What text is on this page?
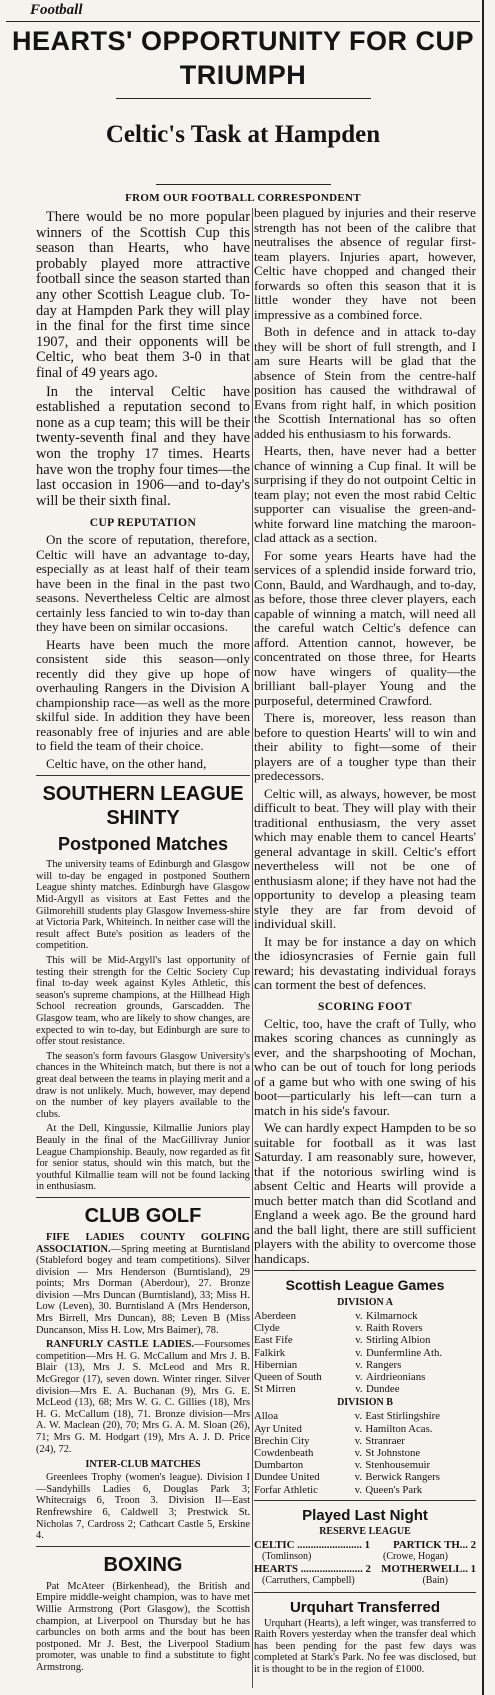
Football
HEARTS' OPPORTUNITY FOR CUP TRIUMPH
Celtic's Task at Hampden
FROM OUR FOOTBALL CORRESPONDENT

There would be no more popular winners of the Scottish Cup this season than Hearts, who have probably played more attractive football since the season started than any other Scottish League club. To-day at Hampden Park they will play in the final for the first time since 1907, and their opponents will be Celtic, who beat them 3-0 in that final of 49 years ago.

In the interval Celtic have established a reputation second to none as a cup team; this will be their twenty-seventh final and they have won the trophy 17 times. Hearts have won the trophy four times—the last occasion in 1906—and to-day's will be their sixth final.

CUP REPUTATION

On the score of reputation, therefore, Celtic will have an advantage to-day, especially as at least half of their team have been in the final in the past two seasons. Nevertheless Celtic are almost certainly less fancied to win to-day than they have been on similar occasions.

Hearts have been much the more consistent side this season—only recently did they give up hope of overhauling Rangers in the Division A championship race—as well as the more skilful side. In addition they have been reasonably free of injuries and are able to field the team of their choice.

Celtic have, on the other hand,

SOUTHERN LEAGUE SHINTY
Postponed Matches

The university teams of Edinburgh and Glasgow will to-day be engaged in postponed Southern League shinty matches. Edinburgh have Glasgow Mid-Argyll as visitors at East Fettes and the Gilmorehill students play Glasgow Inverness-shire at Victoria Park, Whiteinch. In neither case will the result affect Bute's position as leaders of the competition.

This will be Mid-Argyll's last opportunity of testing their strength for the Celtic Society Cup final to-day week against Kyles Athletic, this season's supreme champions, at the Hillhead High School recreation grounds, Garscadden. The Glasgow team, who are likely to show changes, are expected to win to-day, but Edinburgh are sure to offer stout resistance.

The season's form favours Glasgow University's chances in the Whiteinch match, but there is not a great deal between the teams in playing merit and a draw is not unlikely. Much, however, may depend on the number of key players available to the clubs.

At the Dell, Kingussie, Kilmallie Juniors play Beauly in the final of the MacGillivray Junior League Championship. Beauly, now regarded as fit for senior status, should win this match, but the youthful Kilmallie team will not be found lacking in enthusiasm.

CLUB GOLF

FIFE LADIES COUNTY GOLFING ASSOCIATION.—Spring meeting at Burntisland (Stableford bogey and team competitions). Silver division — Mrs Henderson (Burntisland), 29 points; Mrs Dorman (Aberdour), 27. Bronze division —Mrs Duncan (Burntisland), 33; Miss H. Low (Leven), 30. Burntisland A (Mrs Henderson, Mrs Birrell, Mrs Duncan), 88; Leven B (Miss Duncanson, Miss H. Low, Mrs Baimer), 78.

RANFURLY CASTLE LADIES.—Foursomes competition—Mrs H. G. McCallum and Mrs J. B. Blair (13), Mrs J. S. McLeod and Mrs R. McGregor (17), seven down. Winter ringer. Silver division—Mrs E. A. Buchanan (9), Mrs G. E. McLeod (13), 68; Mrs W. G. C. Gillies (18), Mrs H. G. McCallum (18), 71. Bronze division—Mrs A. W. Maclean (20), 70; Mrs G. A. M. Sloan (26), 71; Mrs G. M. Hodgart (19), Mrs A. J. D. Price (24), 72.

INTER-CLUB MATCHES

Greenlees Trophy (women's league). Division I—Sandyhills Ladies 6, Douglas Park 3; Whitecraigs 6, Troon 3. Division II—East Renfrewshire 6, Caldwell 3; Prestwick St. Nicholas 7, Cardross 2; Cathcart Castle 5, Erskine 4.

BOXING

Pat McAteer (Birkenhead), the British and Empire middle-weight champion, was to have met Willie Armstrong (Port Glasgow), the Scottish champion, at Liverpool on Thursday but he has carbuncles on both arms and the bout has been postponed. Mr J. Best, the Liverpool Stadium promoter, was unable to find a substitute to fight Armstrong.

been plagued by injuries and their reserve strength has not been of the calibre that neutralises the absence of regular first-team players. Injuries apart, however, Celtic have chopped and changed their forwards so often this season that it is little wonder they have not been impressive as a combined force.

Both in defence and in attack to-day they will be short of full strength, and I am sure Hearts will be glad that the absence of Stein from the centre-half position has caused the withdrawal of Evans from right half, in which position the Scottish International has so often added his enthusiasm to his forwards.

Hearts, then, have never had a better chance of winning a Cup final. It will be surprising if they do not outpoint Celtic in team play; not even the most rabid Celtic supporter can visualise the green-and-white forward line matching the maroon-clad attack as a section.

For some years Hearts have had the services of a splendid inside forward trio, Conn, Bauld, and Wardhaugh, and to-day, as before, those three clever players, each capable of winning a match, will need all the careful watch Celtic's defence can afford. Attention cannot, however, be concentrated on those three, for Hearts now have wingers of quality—the brilliant ball-player Young and the purposeful, determined Crawford.

There is, moreover, less reason than before to question Hearts' will to win and their ability to fight—some of their players are of a tougher type than their predecessors.

Celtic will, as always, however, be most difficult to beat. They will play with their traditional enthusiasm, the very asset which may enable them to cancel Hearts' general advantage in skill. Celtic's effort nevertheless will not be one of enthusiasm alone; if they have not had the opportunity to develop a pleasing team style they are far from devoid of individual skill.

It may be for instance a day on which the idiosyncrasies of Fernie gain full reward; his devastating individual forays can torment the best of defences.

SCORING FOOT

Celtic, too, have the craft of Tully, who makes scoring chances as cunningly as ever, and the sharpshooting of Mochan, who can be out of touch for long periods of a game but who with one swing of his boot—particularly his left—can turn a match in his side's favour.

We can hardly expect Hampden to be so suitable for football as it was last Saturday. I am reasonably sure, however, that if the notorious swirling wind is absent Celtic and Hearts will provide a much better match than did Scotland and England a week ago. Be the ground hard and the ball light, there are still sufficient players with the ability to overcome those handicaps.

Scottish League Games
DIVISION A
Aberdeen	v.	Kilmarnock
Clyde	v.	Raith Rovers
East Fife	v.	Stirling Albion
Falkirk	v.	Dunfermline Ath.
Hibernian	v.	Rangers
Queen of South	v.	Airdrieonians
St Mirren	v.	Dundee
DIVISION B
Alloa	v.	East Stirlingshire
Ayr United	v.	Hamilton Acas.
Brechin City	v.	Stranraer
Cowdenbeath	v.	St Johnstone
Dumbarton	v.	Stenhousemuir
Dundee United	v.	Berwick Rangers
Forfar Athletic	v.	Queen's Park
Played Last Night
RESERVE LEAGUE
CELTIC ........................ 1 PARTICK TH... 2
(Tomlinson)	(Crowe, Hogan)
HEARTS ....................... 2 MOTHERWELL.. 1
(Carruthers, Campbell)	(Bain)
Urquhart Transferred

Urquhart (Hearts), a left winger, was transferred to Raith Rovers yesterday when the transfer deal which has been pending for the past few days was completed at Stark's Park. No fee was disclosed, but it is thought to be in the region of £1000.
